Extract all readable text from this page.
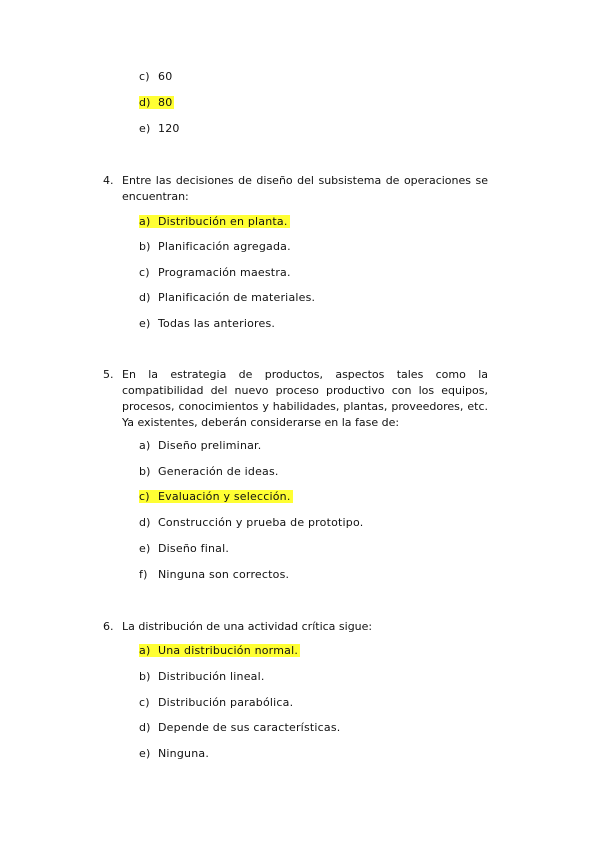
c) 60
d) 80
e) 120
4. Entre las decisiones de diseño del subsistema de operaciones se encuentran:
a) Distribución en planta.
b) Planificación agregada.
c) Programación maestra.
d) Planificación de materiales.
e) Todas las anteriores.
5. En la estrategia de productos, aspectos tales como la compatibilidad del nuevo proceso productivo con los equipos, procesos, conocimientos y habilidades, plantas, proveedores, etc. Ya existentes, deberán considerarse en la fase de:
a) Diseño preliminar.
b) Generación de ideas.
c) Evaluación y selección.
d) Construcción y prueba de prototipo.
e) Diseño final.
f) Ninguna son correctos.
6. La distribución de una actividad crítica sigue:
a) Una distribución normal.
b) Distribución lineal.
c) Distribución parabólica.
d) Depende de sus características.
e) Ninguna.
